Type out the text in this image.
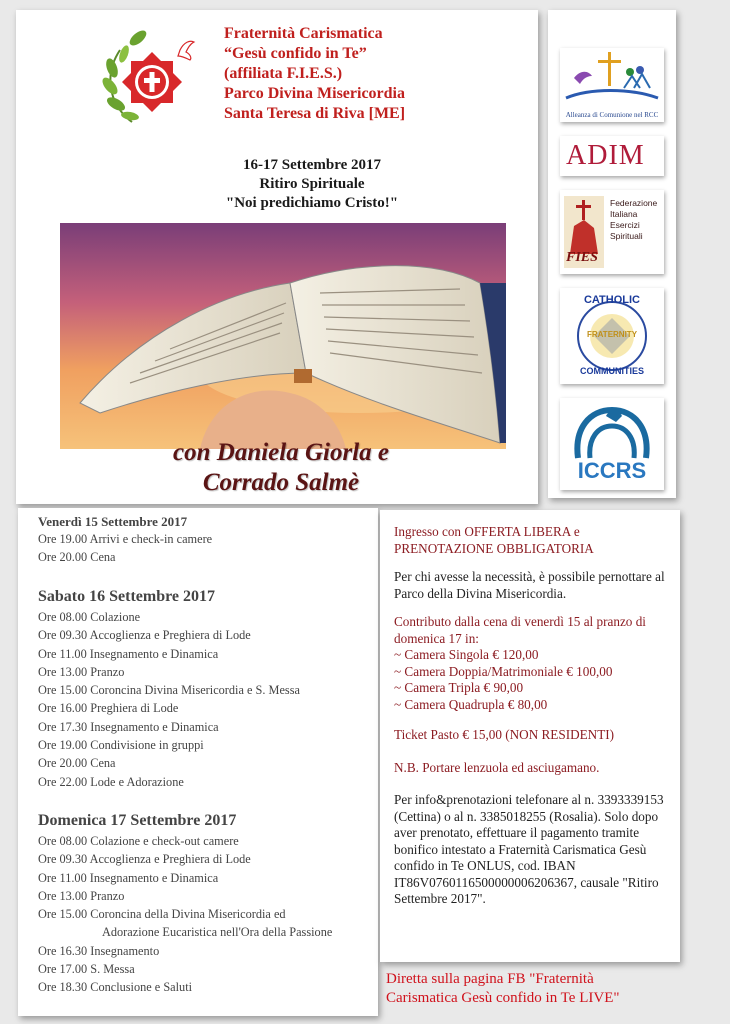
Fraternità Carismatica
“Gesù confido in Te”
(affiliata F.I.E.S.)
Parco Divina Misericordia
Santa Teresa di Riva [ME]
16-17 Settembre 2017
Ritiro Spirituale
"Noi predichiamo Cristo!"
con Daniela Giorla e
Corrado Salmè
Alleanza di Comunione nel RCC
ADIM
FIES
Federazione Italiana Esercizi Spirituali
CATHOLIC
FRATERNITY
COMMUNITIES
ICCRS
Venerdì 15 Settembre 2017
Ore 19.00 Arrivi e check-in camere
Ore 20.00 Cena
Sabato 16 Settembre 2017
Ore 08.00 Colazione
Ore 09.30 Accoglienza e Preghiera di Lode
Ore 11.00 Insegnamento e Dinamica
Ore 13.00 Pranzo
Ore 15.00 Coroncina Divina Misericordia e S. Messa
Ore 16.00 Preghiera di Lode
Ore 17.30 Insegnamento e Dinamica
Ore 19.00 Condivisione in gruppi
Ore 20.00 Cena
Ore 22.00 Lode e Adorazione
Domenica 17 Settembre 2017
Ore 08.00 Colazione e check-out camere
Ore 09.30 Accoglienza e Preghiera di Lode
Ore 11.00 Insegnamento e Dinamica
Ore 13.00 Pranzo
Ore 15.00 Coroncina della Divina Misericordia ed
Adorazione Eucaristica nell'Ora della Passione
Ore 16.30 Insegnamento
Ore 17.00 S. Messa
Ore 18.30 Conclusione e Saluti
Ingresso con OFFERTA LIBERA e PRENOTAZIONE OBBLIGATORIA
Per chi avesse la necessità, è possibile pernottare al Parco della Divina Misericordia.
Contributo dalla cena di venerdì 15 al pranzo di domenica 17 in:
~ Camera Singola € 120,00
~ Camera Doppia/Matrimoniale € 100,00
~ Camera Tripla € 90,00
~ Camera Quadrupla € 80,00
Ticket Pasto € 15,00 (NON RESIDENTI)
N.B. Portare lenzuola ed asciugamano.
Per info&prenotazioni telefonare al n. 3393339153 (Cettina) o al n. 3385018255 (Rosalia). Solo dopo aver prenotato, effettuare il pagamento tramite bonifico intestato a Fraternità Carismatica Gesù confido in Te ONLUS, cod. IBAN IT86V0760116500000006206367, causale "Ritiro Settembre 2017".
Diretta sulla pagina FB "Fraternità
Carismatica Gesù confido in Te LIVE"
